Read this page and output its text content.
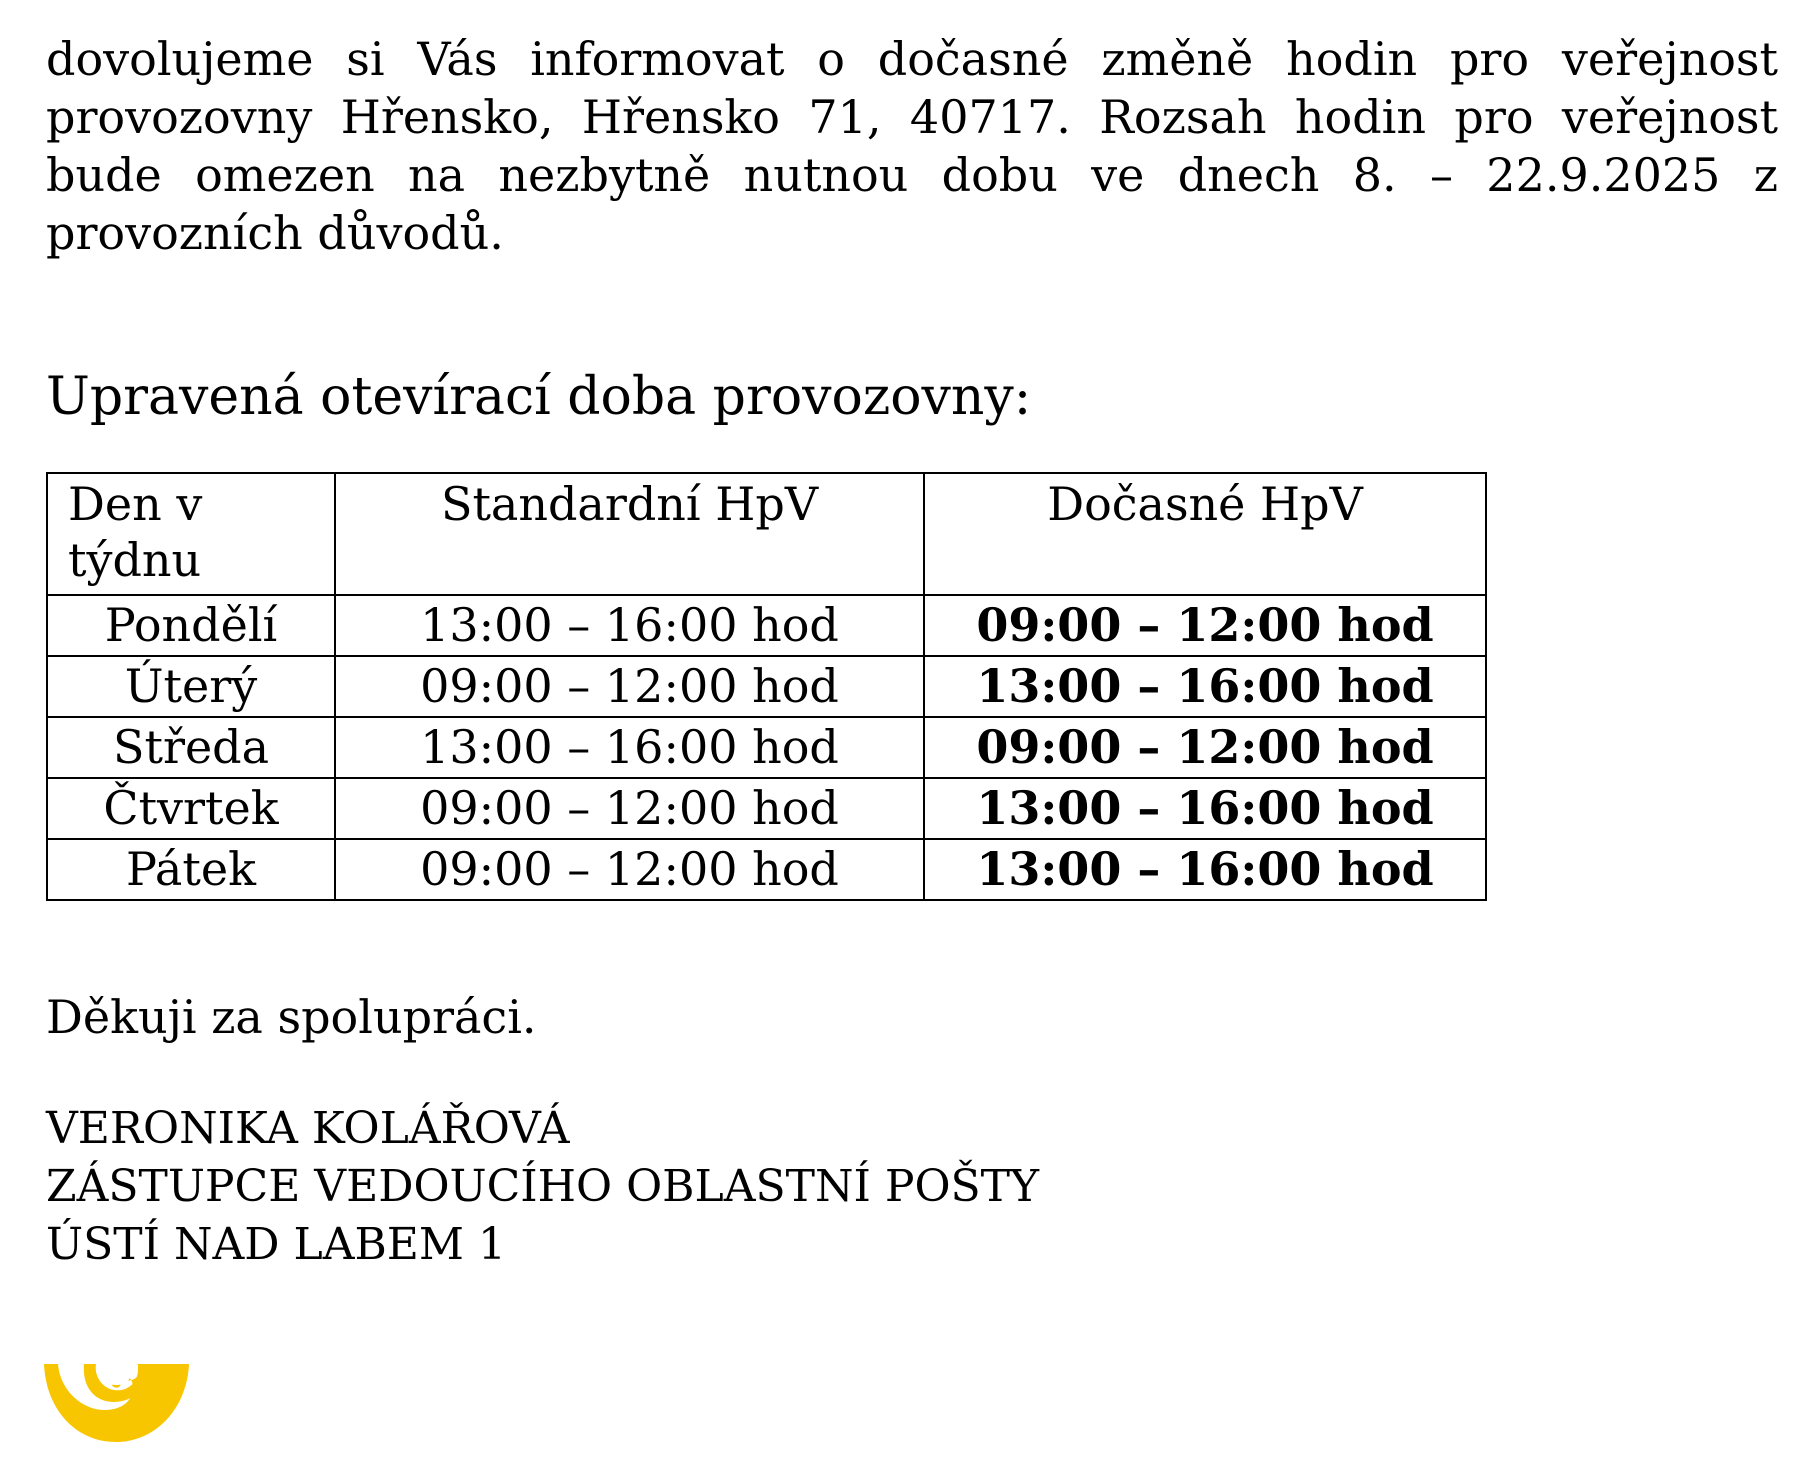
dovolujeme si Vás informovat o dočasné změně hodin pro veřejnost provozovny Hřensko, Hřensko 71, 40717. Rozsah hodin pro veřejnost bude omezen na nezbytně nutnou dobu ve dnech 8. – 22.9.2025 z provozních důvodů.

Upravená otevírací doba provozovny:

Den v týdnu	Standardní HpV	Dočasné HpV
Pondělí	13:00 – 16:00 hod	09:00 – 12:00 hod
Úterý	09:00 – 12:00 hod	13:00 – 16:00 hod
Středa	13:00 – 16:00 hod	09:00 – 12:00 hod
Čtvrtek	09:00 – 12:00 hod	13:00 – 16:00 hod
Pátek	09:00 – 12:00 hod	13:00 – 16:00 hod

Děkuji za spolupráci.

VERONIKA KOLÁŘOVÁ
ZÁSTUPCE VEDOUCÍHO OBLASTNÍ POŠTY
ÚSTÍ NAD LABEM 1
